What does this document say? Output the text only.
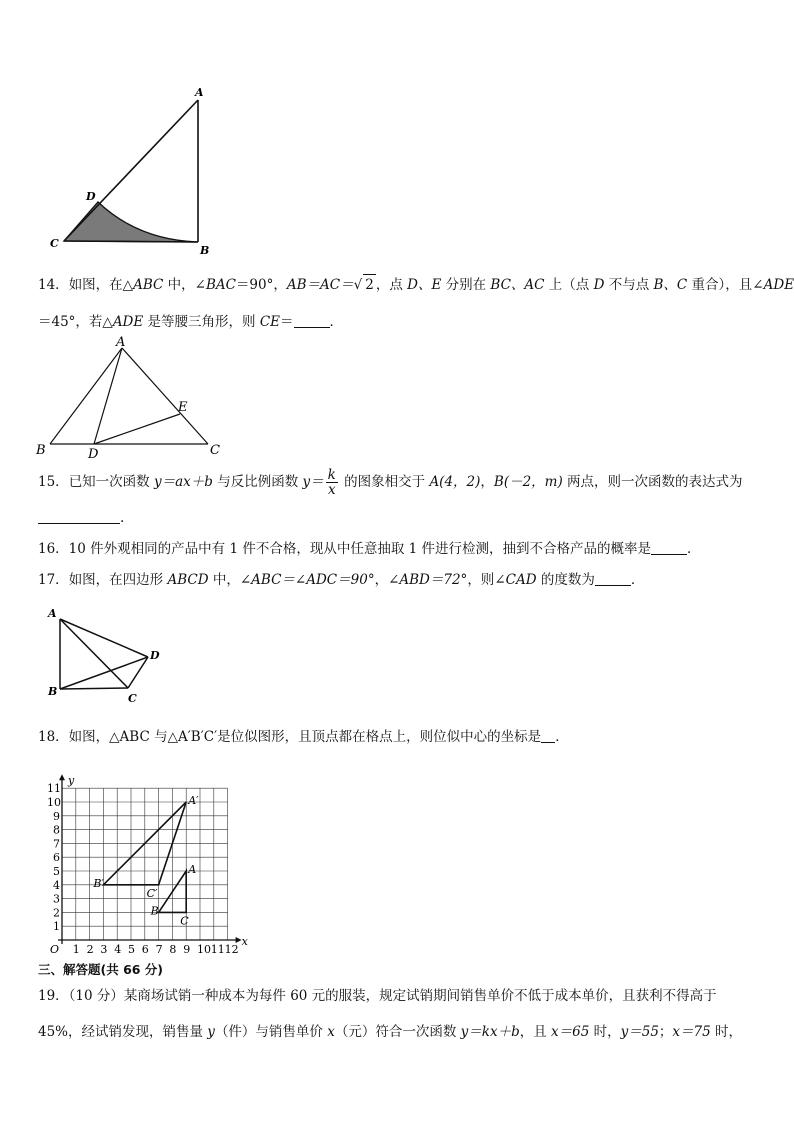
A
B
C
D
14．如图，在△ABC 中，∠BAC＝90°，AB＝AC＝√ 2 ，点 D、E 分别在 BC、AC 上（点 D 不与点 B、C 重合），且∠ADE
＝45°，若△ADE 是等腰三角形，则 CE＝	．
A
B	C
D
E
15．已知一次函数 y＝ax＋b 与反比例函数 $y= \frac{k}{x}$ 的图象相交于 A(4，2)，B(－2，m) 两点，则一次函数的表达式为
.
16．10 件外观相同的产品中有 1 件不合格，现从中任意抽取 1 件进行检测，抽到不合格产品的概率是	．
17．如图，在四边形 ABCD 中，∠ABC＝∠ADC＝90°，∠ABD＝72°，则∠CAD 的度数为	．
A
B
C
D
18．如图，△ABC 与△A′B′C′是位似图形，且顶点都在格点上，则位似中心的坐标是 ．
1 2 3 4 5 6 7 8 9 10 11 12
1
2
3
4
5
6
7
8
9
10
11
O
x
y
A
B
C
A′
B′
C′
三、解答题(共 66 分)
19．（10 分）某商场试销一种成本为每件 60 元的服装，规定试销期间销售单价不低于成本单价，且获利不得高于
45%，经试销发现，销售量 y（件）与销售单价 x（元）符合一次函数 y＝kx＋b，且 x＝65 时，y＝55；x＝75 时，
